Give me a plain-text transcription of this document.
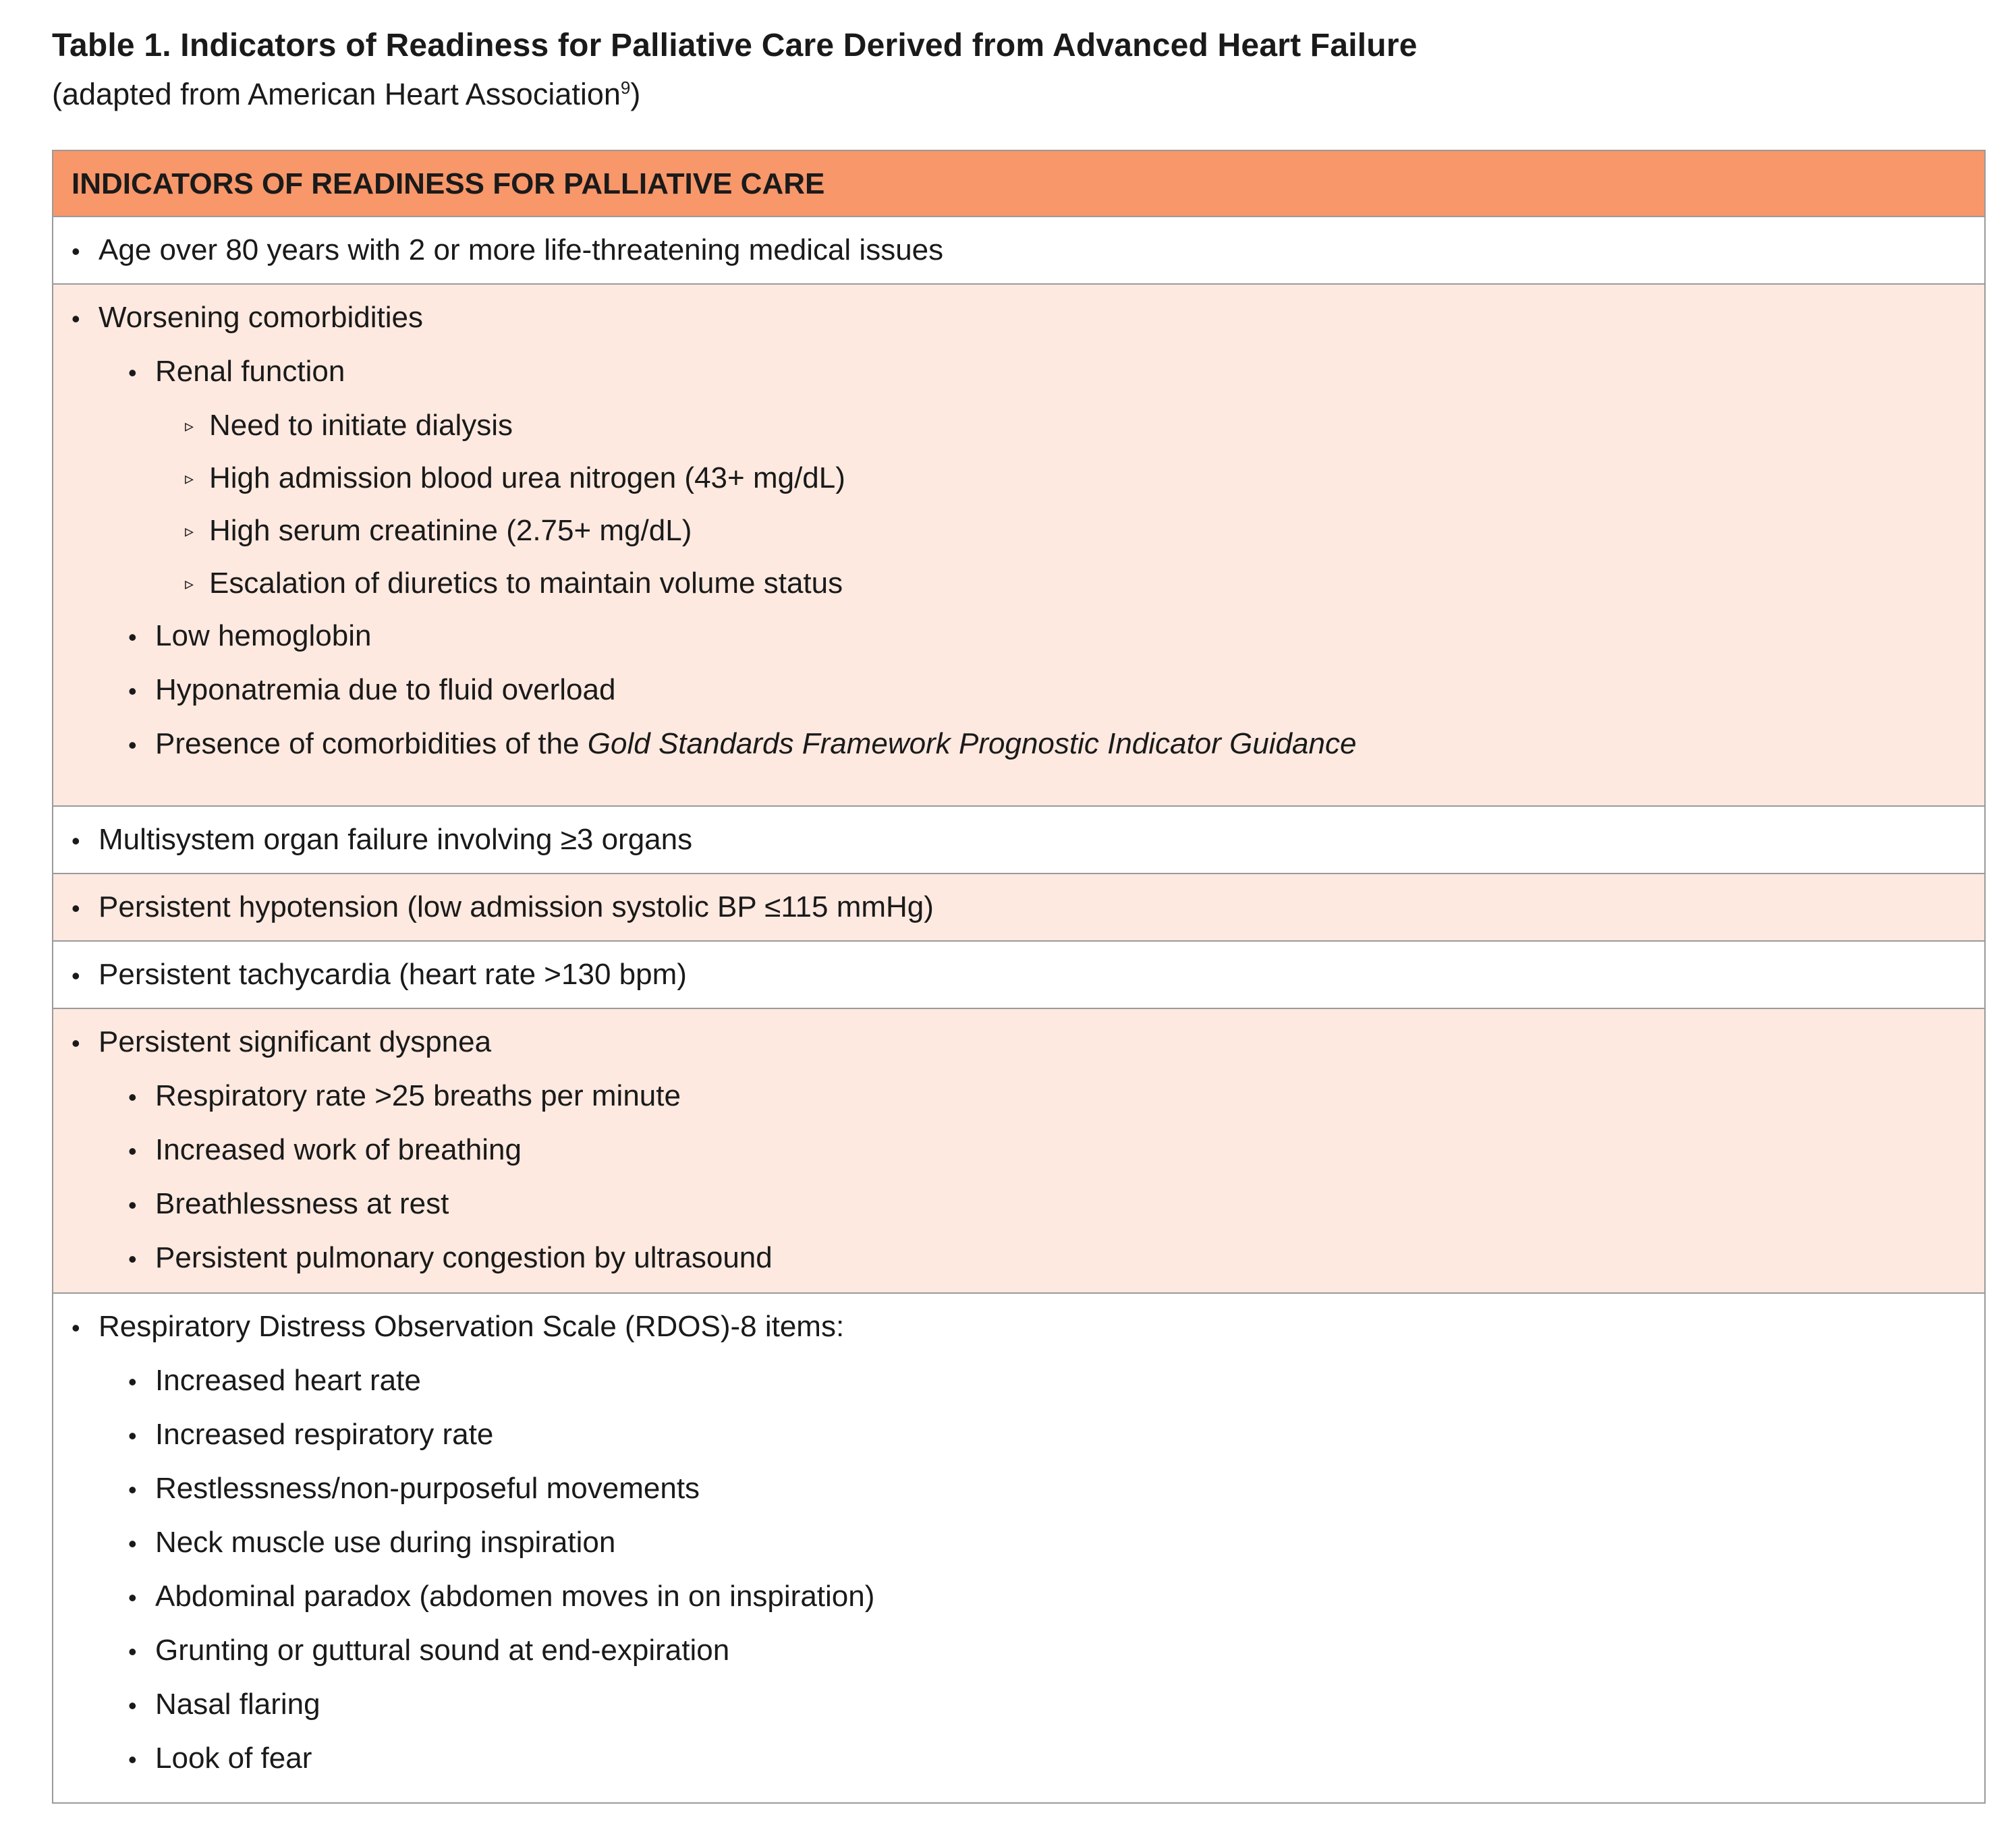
Table 1. Indicators of Readiness for Palliative Care Derived from Advanced Heart Failure
(adapted from American Heart Association$^9$)
INDICATORS OF READINESS FOR PALLIATIVE CARE
• Age over 80 years with 2 or more life-threatening medical issues
• Worsening comorbidities
• Renal function
▹ Need to initiate dialysis
▹ High admission blood urea nitrogen (43+ mg/dL)
▹ High serum creatinine (2.75+ mg/dL)
▹ Escalation of diuretics to maintain volume status
• Low hemoglobin
• Hyponatremia due to fluid overload
• Presence of comorbidities of the Gold Standards Framework Prognostic Indicator Guidance
• Multisystem organ failure involving ≥3 organs
• Persistent hypotension (low admission systolic BP ≤115 mmHg)
• Persistent tachycardia (heart rate >130 bpm)
• Persistent significant dyspnea
• Respiratory rate >25 breaths per minute
• Increased work of breathing
• Breathlessness at rest
• Persistent pulmonary congestion by ultrasound
• Respiratory Distress Observation Scale (RDOS)-8 items:
• Increased heart rate
• Increased respiratory rate
• Restlessness/non-purposeful movements
• Neck muscle use during inspiration
• Abdominal paradox (abdomen moves in on inspiration)
• Grunting or guttural sound at end-expiration
• Nasal flaring
• Look of fear
